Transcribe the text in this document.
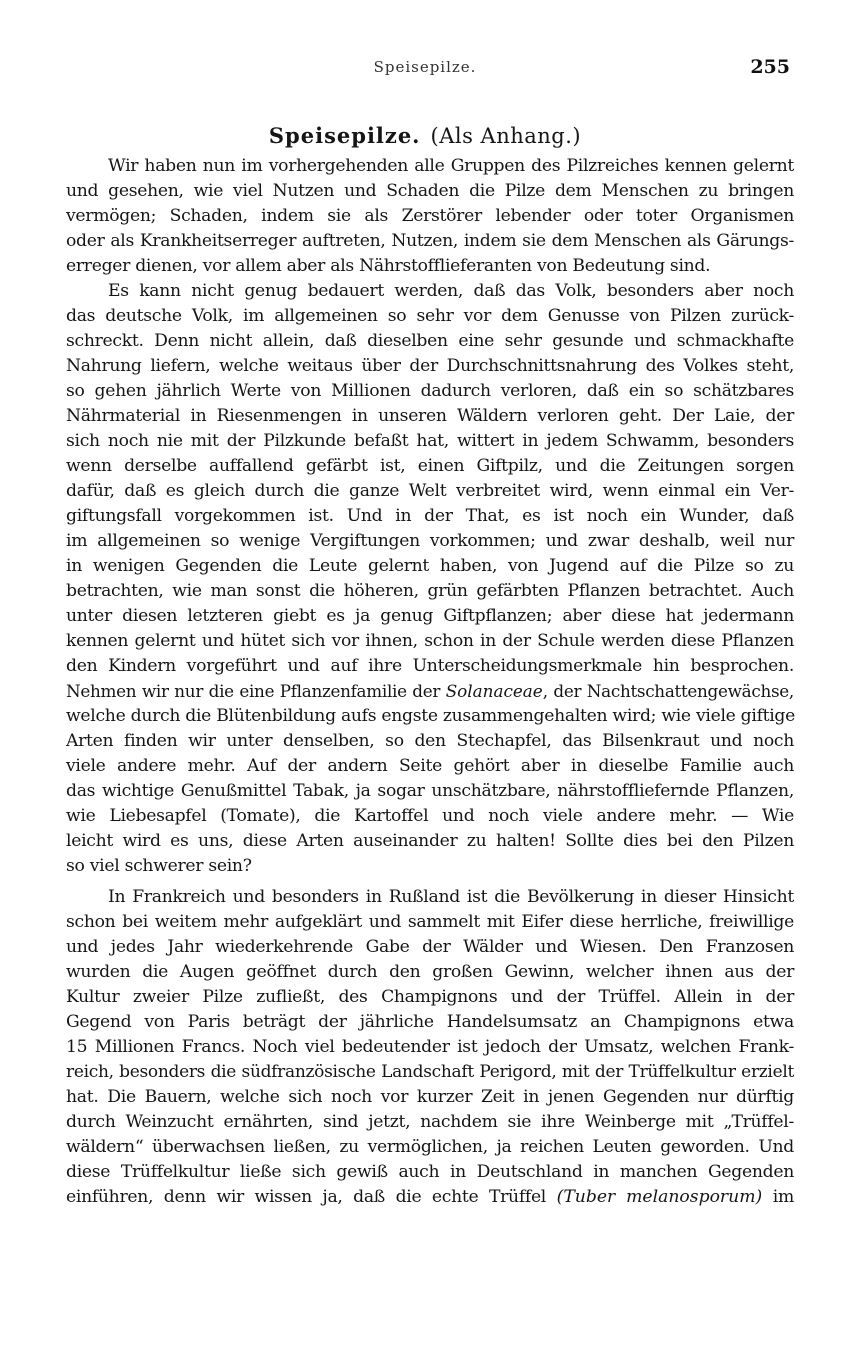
Speisepilze.	255
Speisepilze. (Als Anhang.)
Wir haben nun im vorhergehenden alle Gruppen des Pilzreiches kennen gelernt
und gesehen, wie viel Nutzen und Schaden die Pilze dem Menschen zu bringen
vermögen; Schaden, indem sie als Zerstörer lebender oder toter Organismen
oder als Krankheitserreger auftreten, Nutzen, indem sie dem Menschen als Gärungs-
erreger dienen, vor allem aber als Nährstofflieferanten von Bedeutung sind.
Es kann nicht genug bedauert werden, daß das Volk, besonders aber noch
das deutsche Volk, im allgemeinen so sehr vor dem Genusse von Pilzen zurück-
schreckt. Denn nicht allein, daß dieselben eine sehr gesunde und schmackhafte
Nahrung liefern, welche weitaus über der Durchschnittsnahrung des Volkes steht,
so gehen jährlich Werte von Millionen dadurch verloren, daß ein so schätzbares
Nährmaterial in Riesenmengen in unseren Wäldern verloren geht. Der Laie, der
sich noch nie mit der Pilzkunde befaßt hat, wittert in jedem Schwamm, besonders
wenn derselbe auffallend gefärbt ist, einen Giftpilz, und die Zeitungen sorgen
dafür, daß es gleich durch die ganze Welt verbreitet wird, wenn einmal ein Ver-
giftungsfall vorgekommen ist. Und in der That, es ist noch ein Wunder, daß
im allgemeinen so wenige Vergiftungen vorkommen; und zwar deshalb, weil nur
in wenigen Gegenden die Leute gelernt haben, von Jugend auf die Pilze so zu
betrachten, wie man sonst die höheren, grün gefärbten Pflanzen betrachtet. Auch
unter diesen letzteren giebt es ja genug Giftpflanzen; aber diese hat jedermann
kennen gelernt und hütet sich vor ihnen, schon in der Schule werden diese Pflanzen
den Kindern vorgeführt und auf ihre Unterscheidungsmerkmale hin besprochen.
Nehmen wir nur die eine Pflanzenfamilie der Solanaceae, der Nachtschattengewächse,
welche durch die Blütenbildung aufs engste zusammengehalten wird; wie viele giftige
Arten finden wir unter denselben, so den Stechapfel, das Bilsenkraut und noch
viele andere mehr. Auf der andern Seite gehört aber in dieselbe Familie auch
das wichtige Genußmittel Tabak, ja sogar unschätzbare, nährstoffliefernde Pflanzen,
wie Liebesapfel (Tomate), die Kartoffel und noch viele andere mehr. — Wie
leicht wird es uns, diese Arten auseinander zu halten! Sollte dies bei den Pilzen
so viel schwerer sein?
In Frankreich und besonders in Rußland ist die Bevölkerung in dieser Hinsicht
schon bei weitem mehr aufgeklärt und sammelt mit Eifer diese herrliche, freiwillige
und jedes Jahr wiederkehrende Gabe der Wälder und Wiesen. Den Franzosen
wurden die Augen geöffnet durch den großen Gewinn, welcher ihnen aus der
Kultur zweier Pilze zufließt, des Champignons und der Trüffel. Allein in der
Gegend von Paris beträgt der jährliche Handelsumsatz an Champignons etwa
15 Millionen Francs. Noch viel bedeutender ist jedoch der Umsatz, welchen Frank-
reich, besonders die südfranzösische Landschaft Perigord, mit der Trüffelkultur erzielt
hat. Die Bauern, welche sich noch vor kurzer Zeit in jenen Gegenden nur dürftig
durch Weinzucht ernährten, sind jetzt, nachdem sie ihre Weinberge mit „Trüffel-
wäldern“ überwachsen ließen, zu vermöglichen, ja reichen Leuten geworden. Und
diese Trüffelkultur ließe sich gewiß auch in Deutschland in manchen Gegenden
einführen, denn wir wissen ja, daß die echte Trüffel (Tuber melanosporum) im
